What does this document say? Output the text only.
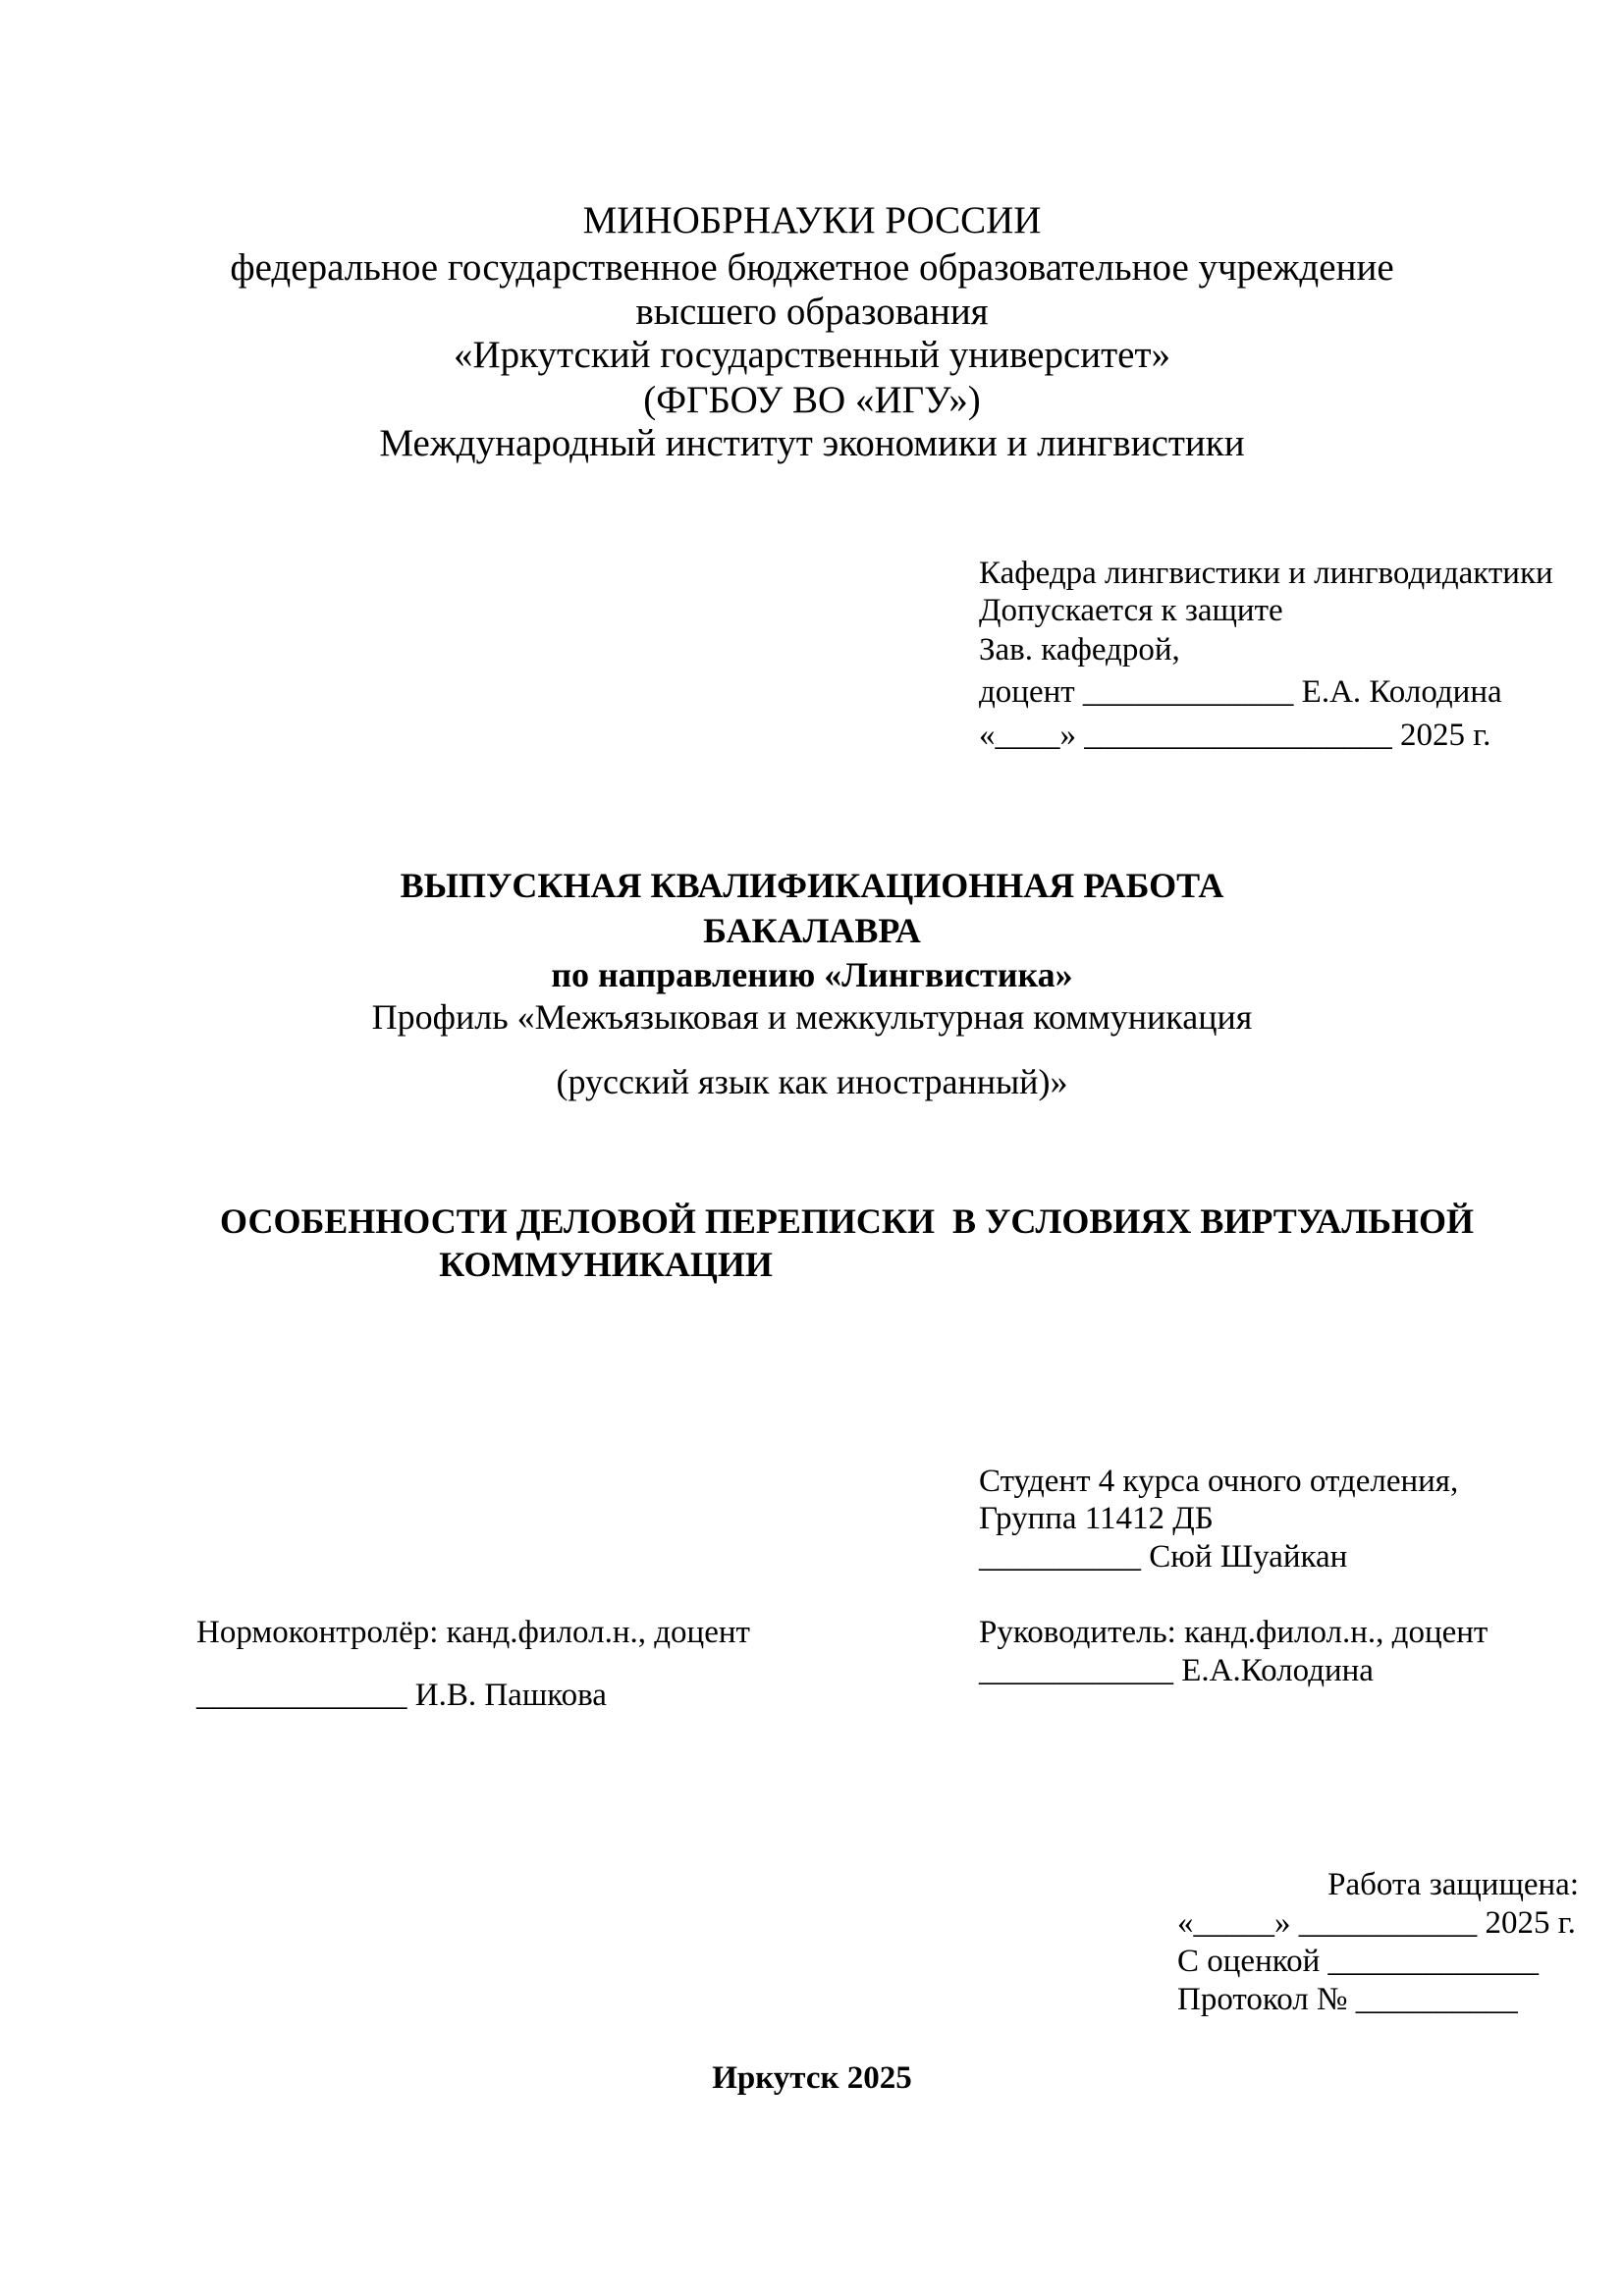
МИНОБРНАУКИ РОССИИ
федеральное государственное бюджетное образовательное учреждение
высшего образования
«Иркутский государственный университет»
(ФГБОУ ВО «ИГУ»)
Международный институт экономики и лингвистики
Кафедра лингвистики и лингводидактики
Допускается к защите
Зав. кафедрой,
доцент _____________ Е.А. Колодина
«____» ___________________ 2025 г.
ВЫПУСКНАЯ КВАЛИФИКАЦИОННАЯ РАБОТА
БАКАЛАВРА
по направлению «Лингвистика»
Профиль «Межъязыковая и межкультурная коммуникация
(русский язык как иностранный)»
ОСОБЕННОСТИ ДЕЛОВОЙ ПЕРЕПИСКИ  В УСЛОВИЯХ ВИРТУАЛЬНОЙ
КОММУНИКАЦИИ
Студент 4 курса очного отделения,
Группа 11412 ДБ
__________ Сюй Шуайкан
Нормоконтролёр: канд.филол.н., доцент
_____________ И.В. Пашкова
Руководитель: канд.филол.н., доцент
____________ Е.А.Колодина
Работа защищена:
«_____» ___________ 2025 г.
С оценкой _____________
Протокол № __________
Иркутск 2025
